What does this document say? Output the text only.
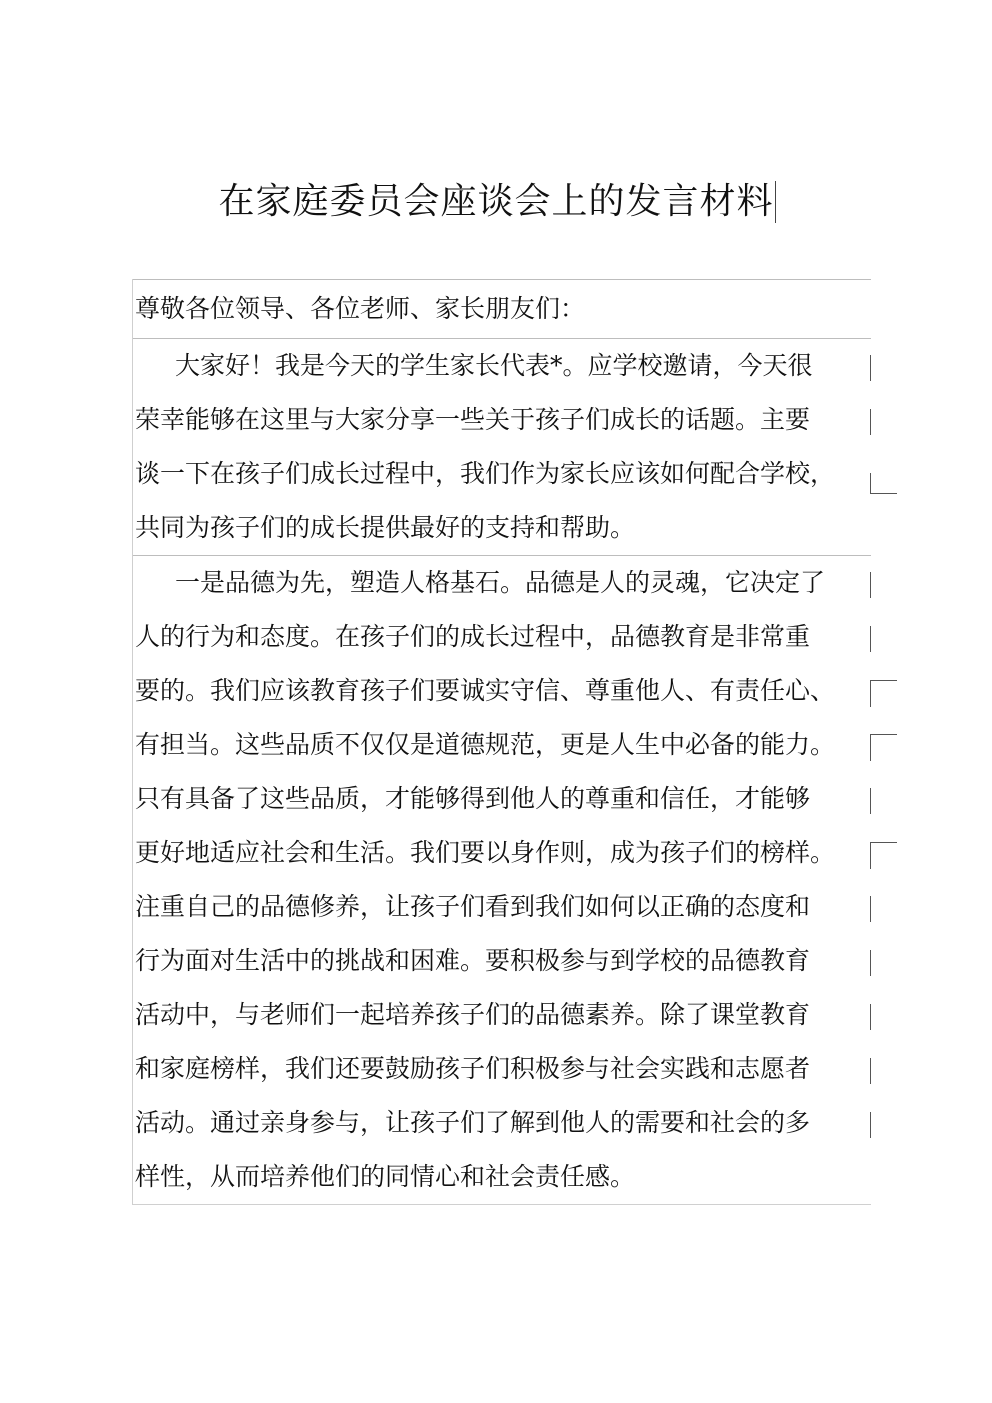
在家庭委员会座谈会上的发言材料
尊敬各位领导、各位老师、家长朋友们：
大家好！我是今天的学生家长代表*。应学校邀请，今天很
荣幸能够在这里与大家分享一些关于孩子们成长的话题。主要
谈一下在孩子们成长过程中，我们作为家长应该如何配合学校，
共同为孩子们的成长提供最好的支持和帮助。
一是品德为先，塑造人格基石。品德是人的灵魂，它决定了
人的行为和态度。在孩子们的成长过程中，品德教育是非常重
要的。我们应该教育孩子们要诚实守信、尊重他人、有责任心、
有担当。这些品质不仅仅是道德规范，更是人生中必备的能力。
只有具备了这些品质，才能够得到他人的尊重和信任，才能够
更好地适应社会和生活。我们要以身作则，成为孩子们的榜样。
注重自己的品德修养，让孩子们看到我们如何以正确的态度和
行为面对生活中的挑战和困难。要积极参与到学校的品德教育
活动中，与老师们一起培养孩子们的品德素养。除了课堂教育
和家庭榜样，我们还要鼓励孩子们积极参与社会实践和志愿者
活动。通过亲身参与，让孩子们了解到他人的需要和社会的多
样性，从而培养他们的同情心和社会责任感。
